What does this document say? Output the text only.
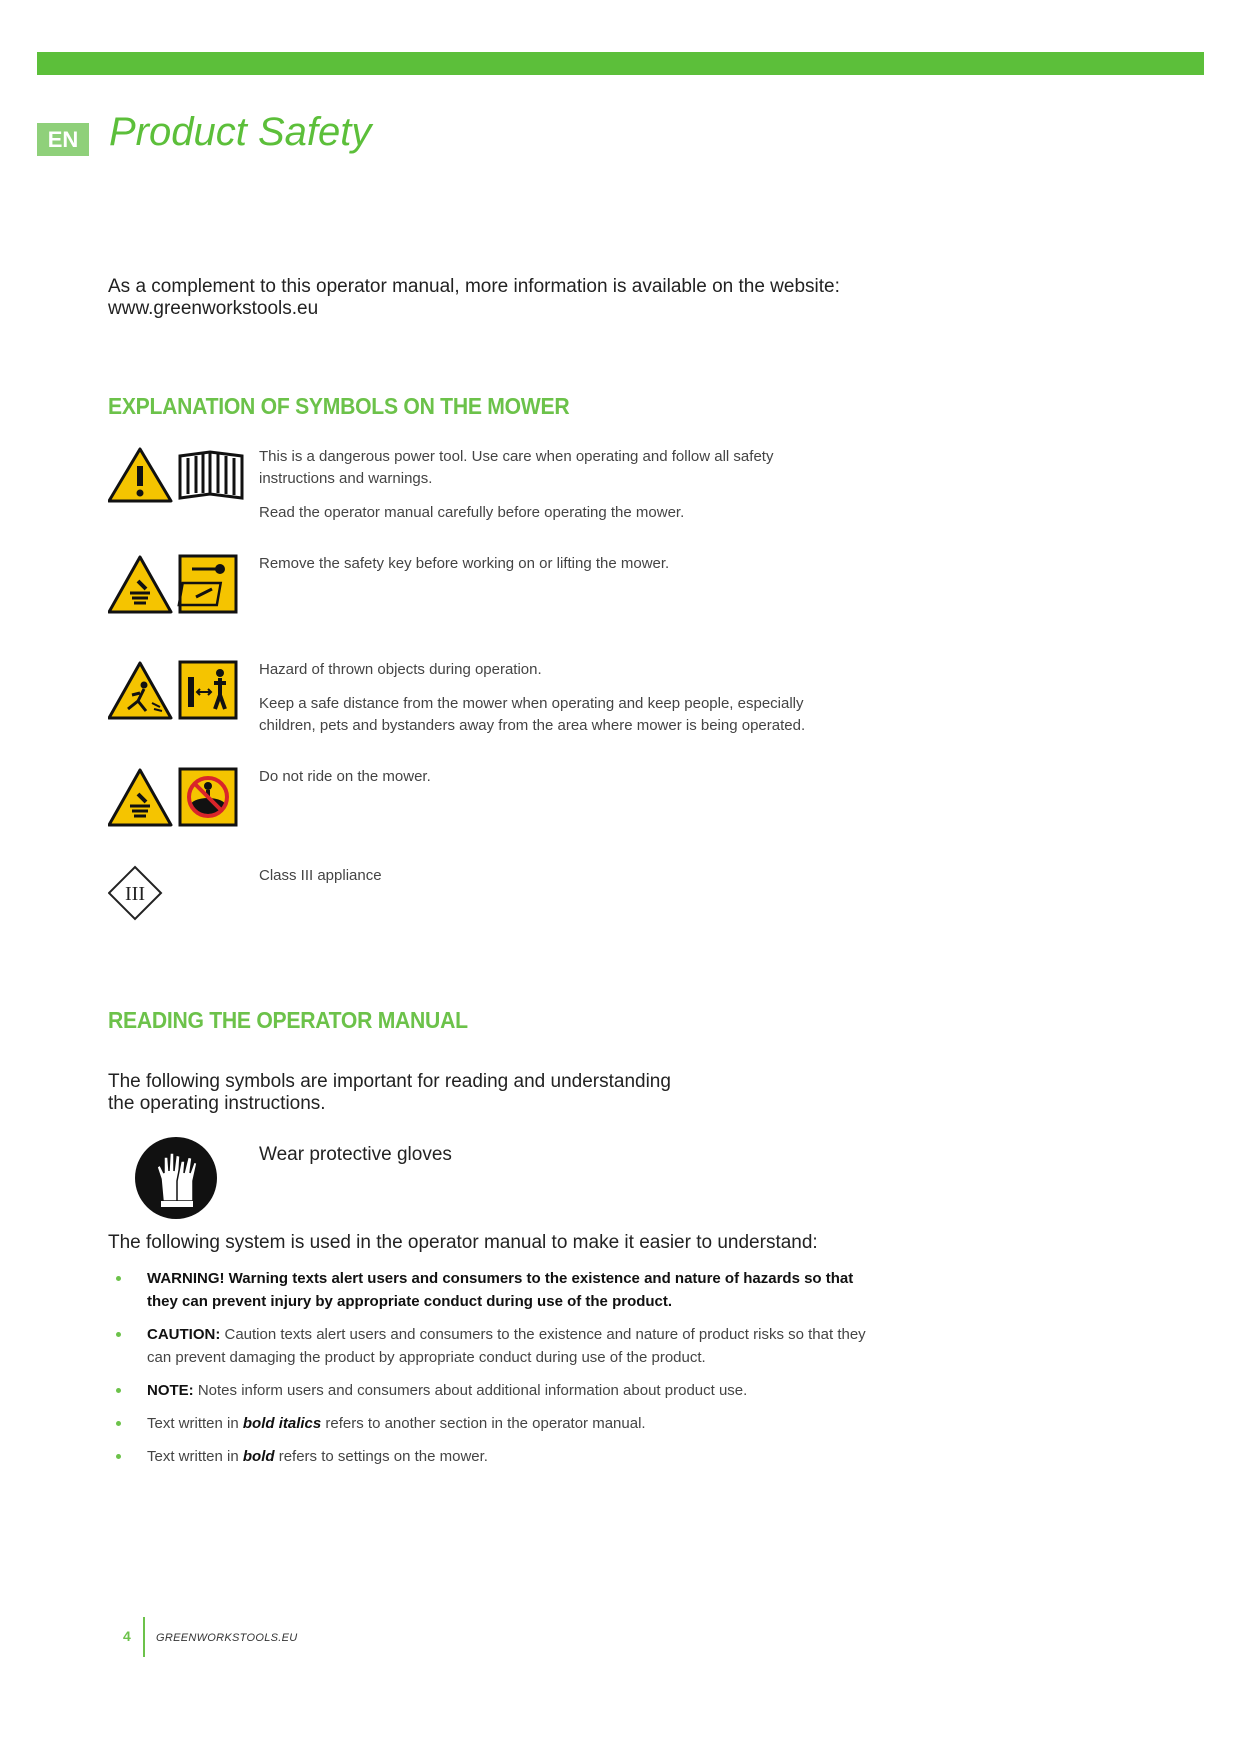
EN Product Safety
As a complement to this operator manual, more information is available on the website:
www.greenworkstools.eu
EXPLANATION OF SYMBOLS ON THE MOWER

This is a dangerous power tool. Use care when operating and follow all safety instructions and warnings.

Read the operator manual carefully before operating the mower.

Remove the safety key before working on or lifting the mower.

Hazard of thrown objects during operation.

Keep a safe distance from the mower when operating and keep people, especially children, pets and bystanders away from the area where mower is being operated.

Do not ride on the mower.

III

Class III appliance

READING THE OPERATOR MANUAL
The following symbols are important for reading and understanding
the operating instructions.
Wear protective gloves
The following system is used in the operator manual to make it easier to understand:
WARNING! Warning texts alert users and consumers to the existence and nature of hazards so that they can prevent injury by appropriate conduct during use of the product.
CAUTION: Caution texts alert users and consumers to the existence and nature of product risks so that they can prevent damaging the product by appropriate conduct during use of the product.
NOTE: Notes inform users and consumers about additional information about product use.
Text written in bold italics refers to another section in the operator manual.
Text written in bold refers to settings on the mower.
4 GREENWORKSTOOLS.EU
